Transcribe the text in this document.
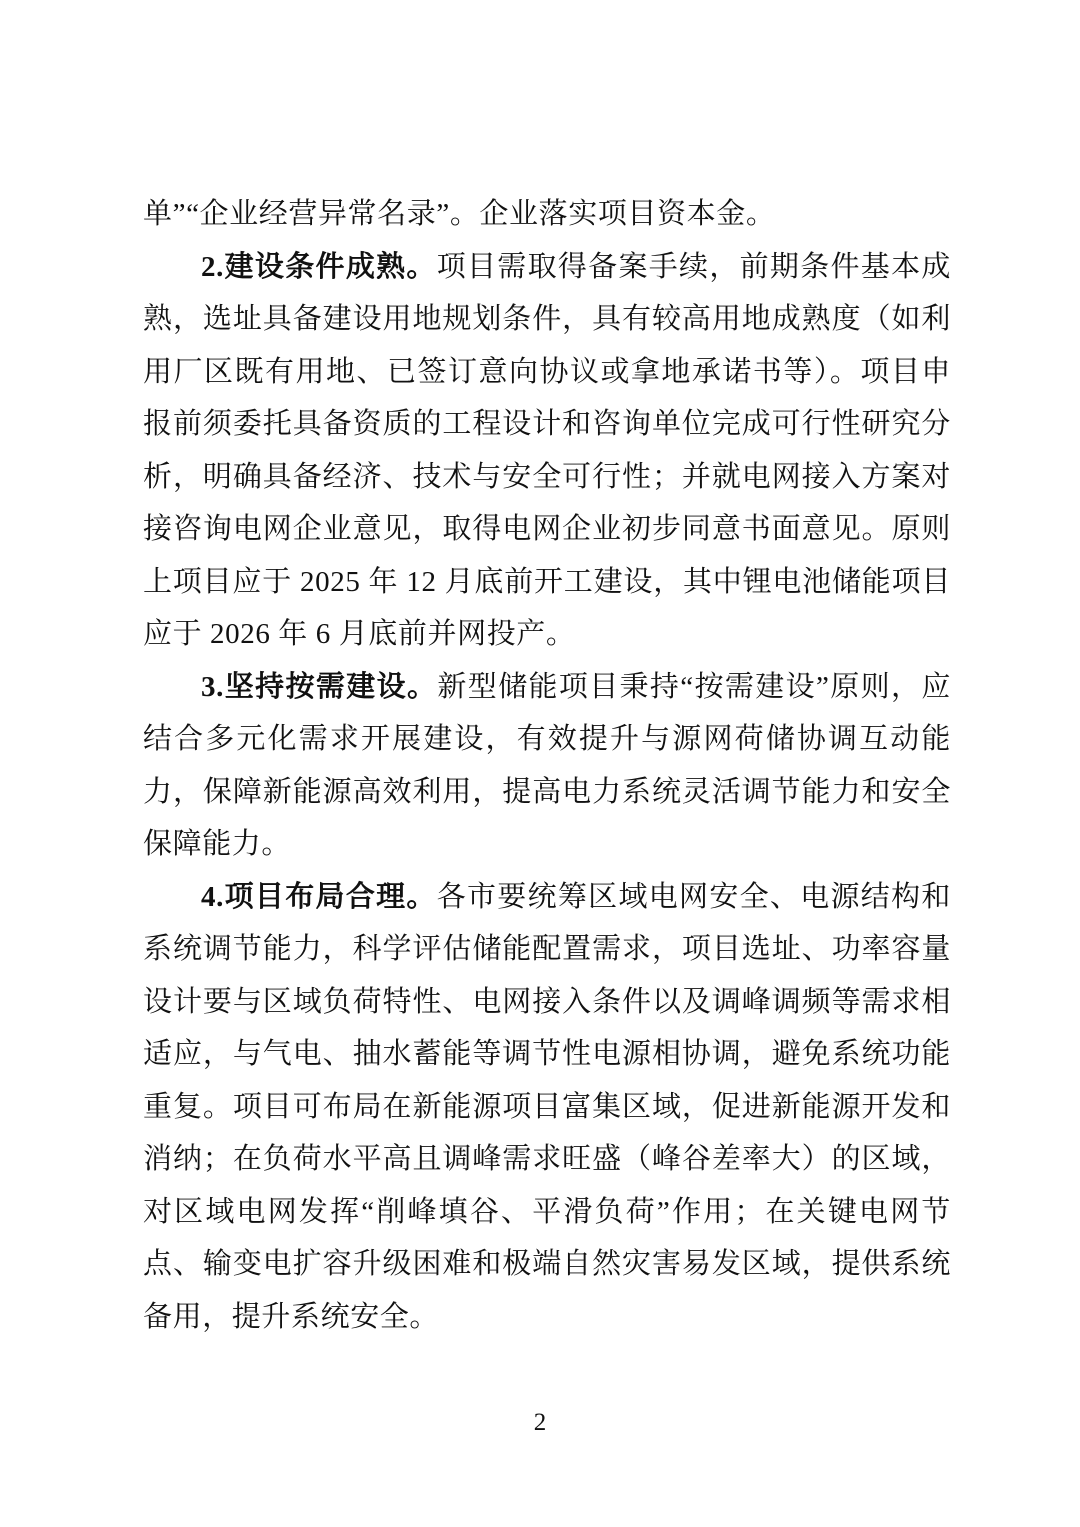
单”“企业经营异常名录”。企业落实项目资本金。

2.建设条件成熟。项目需取得备案手续，前期条件基本成熟，选址具备建设用地规划条件，具有较高用地成熟度（如利用厂区既有用地、已签订意向协议或拿地承诺书等）。项目申报前须委托具备资质的工程设计和咨询单位完成可行性研究分析，明确具备经济、技术与安全可行性；并就电网接入方案对接咨询电网企业意见，取得电网企业初步同意书面意见。原则上项目应于 2025 年 12 月底前开工建设，其中锂电池储能项目应于 2026 年 6 月底前并网投产。

3.坚持按需建设。新型储能项目秉持“按需建设”原则，应结合多元化需求开展建设，有效提升与源网荷储协调互动能力，保障新能源高效利用，提高电力系统灵活调节能力和安全保障能力。

4.项目布局合理。各市要统筹区域电网安全、电源结构和系统调节能力，科学评估储能配置需求，项目选址、功率容量设计要与区域负荷特性、电网接入条件以及调峰调频等需求相适应，与气电、抽水蓄能等调节性电源相协调，避免系统功能重复。项目可布局在新能源项目富集区域，促进新能源开发和消纳；在负荷水平高且调峰需求旺盛（峰谷差率大）的区域，对区域电网发挥“削峰填谷、平滑负荷”作用；在关键电网节点、输变电扩容升级困难和极端自然灾害易发区域，提供系统备用，提升系统安全。

2
